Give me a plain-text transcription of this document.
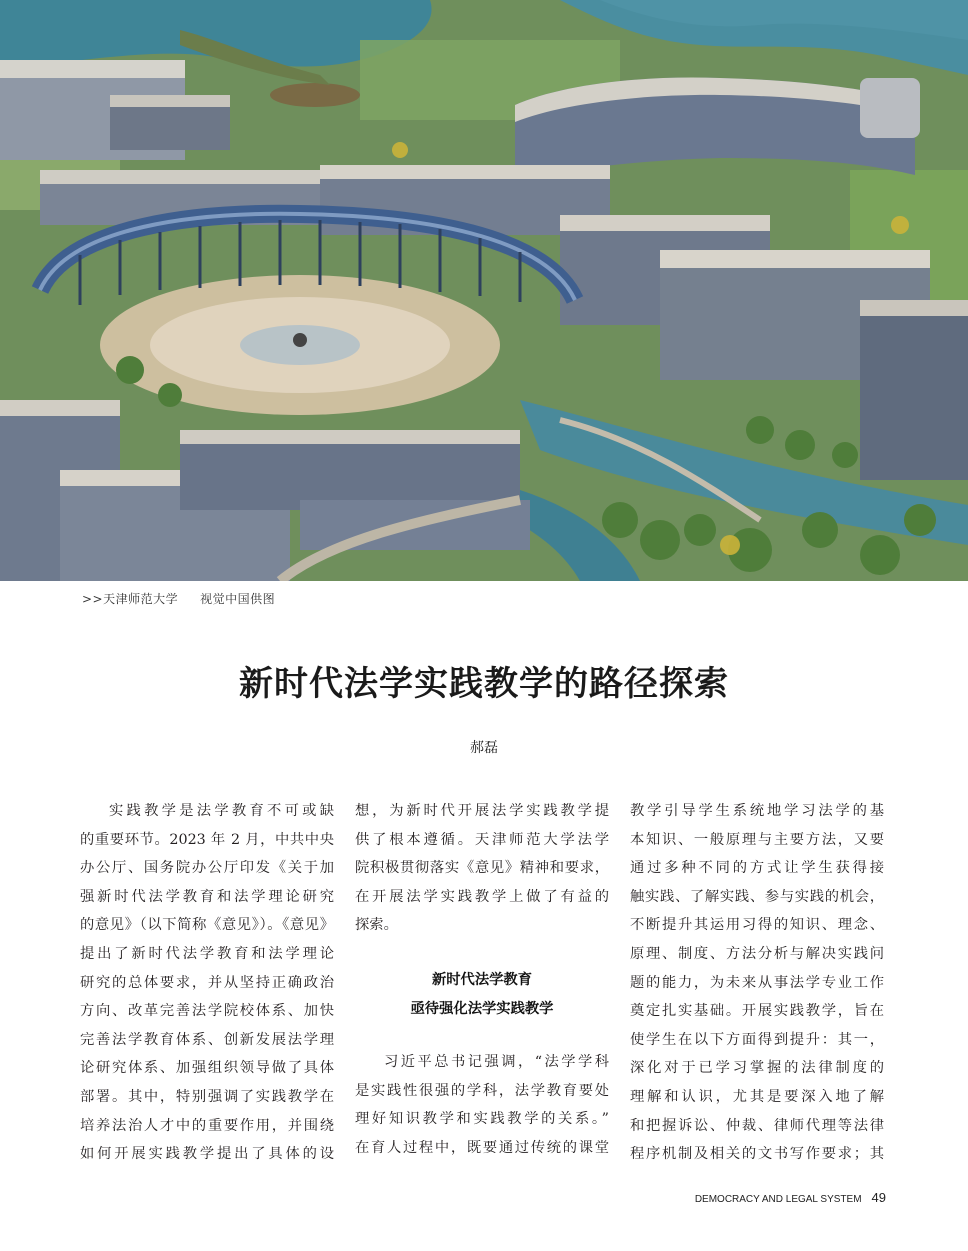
>>天津师范大学 视觉中国供图
新时代法学实践教学的路径探索
郝磊
实践教学是法学教育不可或缺
的重要环节。2023 年 2 月，中共中央
办公厅、国务院办公厅印发《关于加
强新时代法学教育和法学理论研究
的意见》（以下简称《意见》）。《意见》
提出了新时代法学教育和法学理论
研究的总体要求，并从坚持正确政治
方向、改革完善法学院校体系、加快
完善法学教育体系、创新发展法学理
论研究体系、加强组织领导做了具体
部署。其中，特别强调了实践教学在
培养法治人才中的重要作用，并围绕
如何开展实践教学提出了具体的设
想，为新时代开展法学实践教学提
供了根本遵循。天津师范大学法学
院积极贯彻落实《意见》精神和要求，
在开展法学实践教学上做了有益的
探索。
新时代法学教育
亟待强化法学实践教学
习近平总书记强调，“法学学科
是实践性很强的学科，法学教育要处
理好知识教学和实践教学的关系。”
在育人过程中，既要通过传统的课堂
教学引导学生系统地学习法学的基
本知识、一般原理与主要方法，又要
通过多种不同的方式让学生获得接
触实践、了解实践、参与实践的机会，
不断提升其运用习得的知识、理念、
原理、制度、方法分析与解决实践问
题的能力，为未来从事法学专业工作
奠定扎实基础。开展实践教学，旨在
使学生在以下方面得到提升：其一，
深化对于已学习掌握的法律制度的
理解和认识，尤其是要深入地了解
和把握诉讼、仲裁、律师代理等法律
程序机制及相关的文书写作要求；其
DEMOCRACY AND LEGAL SYSTEM 49
